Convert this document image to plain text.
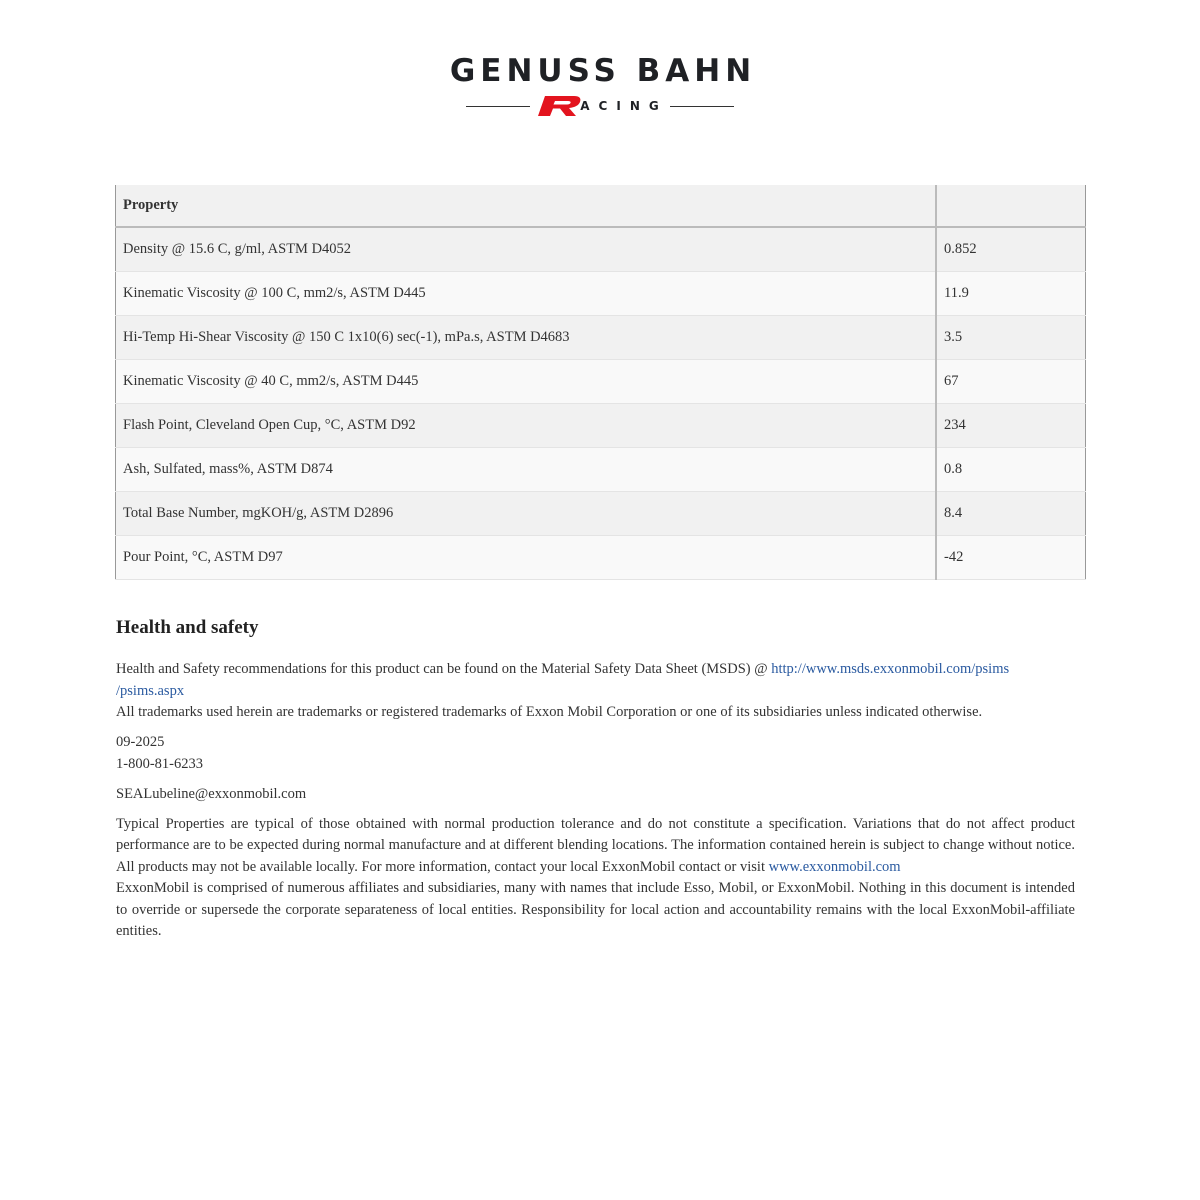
GENUSS BAHN
ACING
Property	
Density @ 15.6 C, g/ml, ASTM D4052	0.852
Kinematic Viscosity @ 100 C, mm2/s, ASTM D445	11.9
Hi-Temp Hi-Shear Viscosity @ 150 C 1x10(6) sec(-1), mPa.s, ASTM D4683	3.5
Kinematic Viscosity @ 40 C, mm2/s, ASTM D445	67
Flash Point, Cleveland Open Cup, °C, ASTM D92	234
Ash, Sulfated, mass%, ASTM D874	0.8
Total Base Number, mgKOH/g, ASTM D2896	8.4
Pour Point, °C, ASTM D97	-42
Health and safety

Health and Safety recommendations for this product can be found on the Material Safety Data Sheet (MSDS) @ http://www.msds.exxonmobil.com/psims
/psims.aspx

All trademarks used herein are trademarks or registered trademarks of Exxon Mobil Corporation or one of its subsidiaries unless indicated otherwise.

09-2025
1-800-81-6233

SEALubeline@exxonmobil.com

Typical Properties are typical of those obtained with normal production tolerance and do not constitute a specification. Variations that do not affect product performance are to be expected during normal manufacture and at different blending locations. The information contained herein is subject to change without notice. All products may not be available locally. For more information, contact your local ExxonMobil contact or visit www.exxonmobil.com

ExxonMobil is comprised of numerous affiliates and subsidiaries, many with names that include Esso, Mobil, or ExxonMobil. Nothing in this document is intended to override or supersede the corporate separateness of local entities. Responsibility for local action and accountability remains with the local ExxonMobil-affiliate entities.
